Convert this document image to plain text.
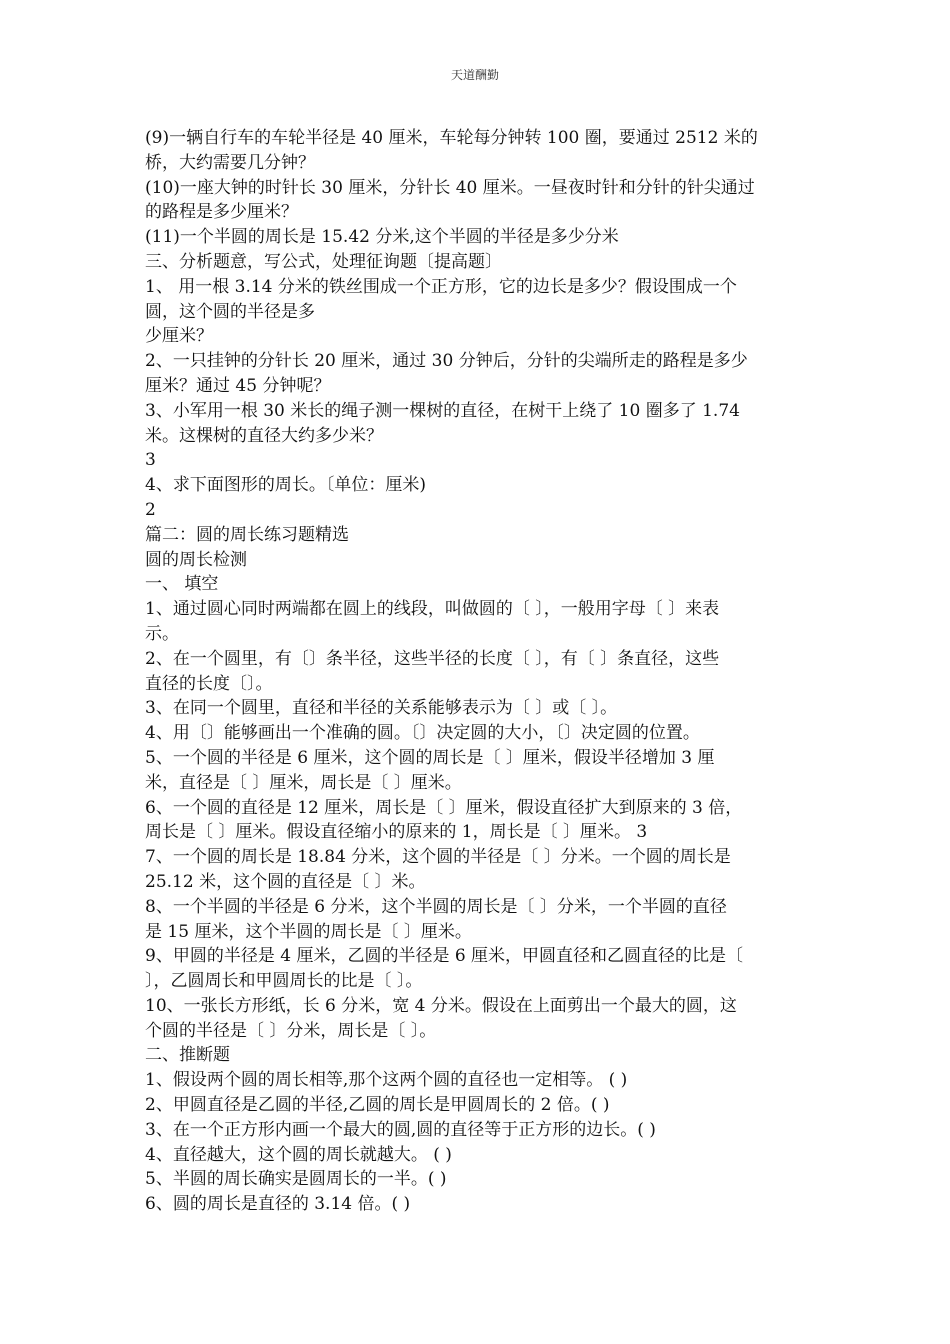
天道酬勤

(9)一辆自行车的车轮半径是 40 厘米，车轮每分钟转 100 圈，要通过 2512 米的

桥，大约需要几分钟？

(10)一座大钟的时针长 30 厘米，分针长 40 厘米。一昼夜时针和分针的针尖通过

的路程是多少厘米？

(11)一个半圆的周长是 15.42 分米,这个半圆的半径是多少分米

三、分析题意，写公式，处理征询题〔提高题〕

1、 用一根 3.14 分米的铁丝围成一个正方形，它的边长是多少？假设围成一个

圆，这个圆的半径是多

少厘米？

2、一只挂钟的分针长 20 厘米，通过 30 分钟后，分针的尖端所走的路程是多少

厘米？通过 45 分钟呢？

3、小军用一根 30 米长的绳子测一棵树的直径，在树干上绕了 10 圈多了 1.74

米。这棵树的直径大约多少米？

3

4、求下面图形的周长。〔单位：厘米)

2

篇二：圆的周长练习题精选

圆的周长检测

一、 填空

1、通过圆心同时两端都在圆上的线段，叫做圆的〔 〕，一般用字母〔 〕来表

示。

2、在一个圆里，有〔〕条半径，这些半径的长度〔 〕，有〔 〕条直径，这些

直径的长度〔〕。

3、在同一个圆里，直径和半径的关系能够表示为〔 〕或〔 〕。

4、用〔〕能够画出一个准确的圆。〔〕决定圆的大小，〔〕决定圆的位置。

5、一个圆的半径是 6 厘米，这个圆的周长是〔 〕厘米，假设半径增加 3 厘

米，直径是〔 〕厘米，周长是〔 〕厘米。

6、一个圆的直径是 12 厘米，周长是〔 〕厘米，假设直径扩大到原来的 3 倍，

周长是〔 〕厘米。假设直径缩小的原来的 1，周长是〔 〕厘米。 3

7、一个圆的周长是 18.84 分米，这个圆的半径是〔 〕分米。一个圆的周长是

25.12 米，这个圆的直径是〔 〕米。

8、一个半圆的半径是 6 分米，这个半圆的周长是〔 〕分米，一个半圆的直径

是 15 厘米，这个半圆的周长是〔 〕厘米。

9、甲圆的半径是 4 厘米，乙圆的半径是 6 厘米，甲圆直径和乙圆直径的比是〔

〕，乙圆周长和甲圆周长的比是〔 〕。

10、一张长方形纸，长 6 分米，宽 4 分米。假设在上面剪出一个最大的圆，这

个圆的半径是〔 〕分米，周长是〔 〕。

二、推断题

1、假设两个圆的周长相等,那个这两个圆的直径也一定相等。 ( )

2、甲圆直径是乙圆的半径,乙圆的周长是甲圆周长的 2 倍。( )

3、在一个正方形内画一个最大的圆,圆的直径等于正方形的边长。( )

4、直径越大，这个圆的周长就越大。 ( )

5、半圆的周长确实是圆周长的一半。( )

6、圆的周长是直径的 3.14 倍。( )
